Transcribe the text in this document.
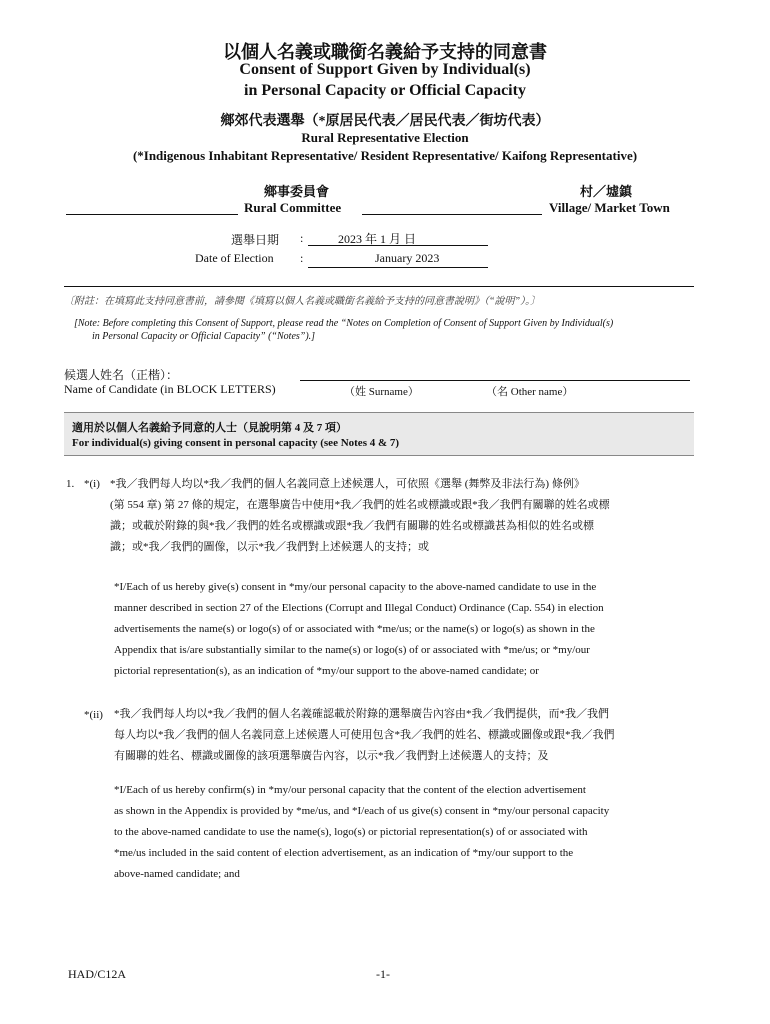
以個人名義或職銜名義給予支持的同意書
Consent of Support Given by Individual(s)
in Personal Capacity or Official Capacity
鄉郊代表選舉（*原居民代表／居民代表／街坊代表）
Rural Representative Election
(*Indigenous Inhabitant Representative/ Resident Representative/ Kaifong Representative)
鄉事委員會	村／墟鎮
Rural Committee	Village/ Market Town
選舉日期 :	2023 年 1 月 日
Date of Election :	January 2023
〔附註：在填寫此支持同意書前，請參閱《填寫以個人名義或職銜名義給予支持的同意書說明》（“說明”）。〕
[Note: Before completing this Consent of Support, please read the “Notes on Completion of Consent of Support Given by Individual(s)
in Personal Capacity or Official Capacity” (“Notes”).]
候選人姓名（正楷）：
Name of Candidate (in BLOCK LETTERS)	（姓 Surname）	（名 Other name）
適用於以個人名義給予同意的人士（見說明第 4 及 7 項）
For individual(s) giving consent in personal capacity (see Notes 4 & 7)
1. *(i) *我／我們每人均以*我／我們的個人名義同意上述候選人，可依照《選舉 (舞弊及非法行為) 條例》
(第 554 章) 第 27 條的規定，在選舉廣告中使用*我／我們的姓名或標識或跟*我／我們有關聯的姓名或標
識；或載於附錄的與*我／我們的姓名或標識或跟*我／我們有關聯的姓名或標識甚為相似的姓名或標
識；或*我／我們的圖像，以示*我／我們對上述候選人的支持；或
*I/Each of us hereby give(s) consent in *my/our personal capacity to the above-named candidate to use in the
manner described in section 27 of the Elections (Corrupt and Illegal Conduct) Ordinance (Cap. 554) in election
advertisements the name(s) or logo(s) of or associated with *me/us; or the name(s) or logo(s) as shown in the
Appendix that is/are substantially similar to the name(s) or logo(s) of or associated with *me/us; or *my/our
pictorial representation(s), as an indication of *my/our support to the above-named candidate; or
*(ii) *我／我們每人均以*我／我們的個人名義確認載於附錄的選舉廣告內容由*我／我們提供，而*我／我們
每人均以*我／我們的個人名義同意上述候選人可使用包含*我／我們的姓名、標識或圖像或跟*我／我們
有關聯的姓名、標識或圖像的該項選舉廣告內容，以示*我／我們對上述候選人的支持；及
*I/Each of us hereby confirm(s) in *my/our personal capacity that the content of the election advertisement
as shown in the Appendix is provided by *me/us, and *I/each of us give(s) consent in *my/our personal capacity
to the above-named candidate to use the name(s), logo(s) or pictorial representation(s) of or associated with
*me/us included in the said content of election advertisement, as an indication of *my/our support to the
above-named candidate; and
HAD/C12A	-1-
